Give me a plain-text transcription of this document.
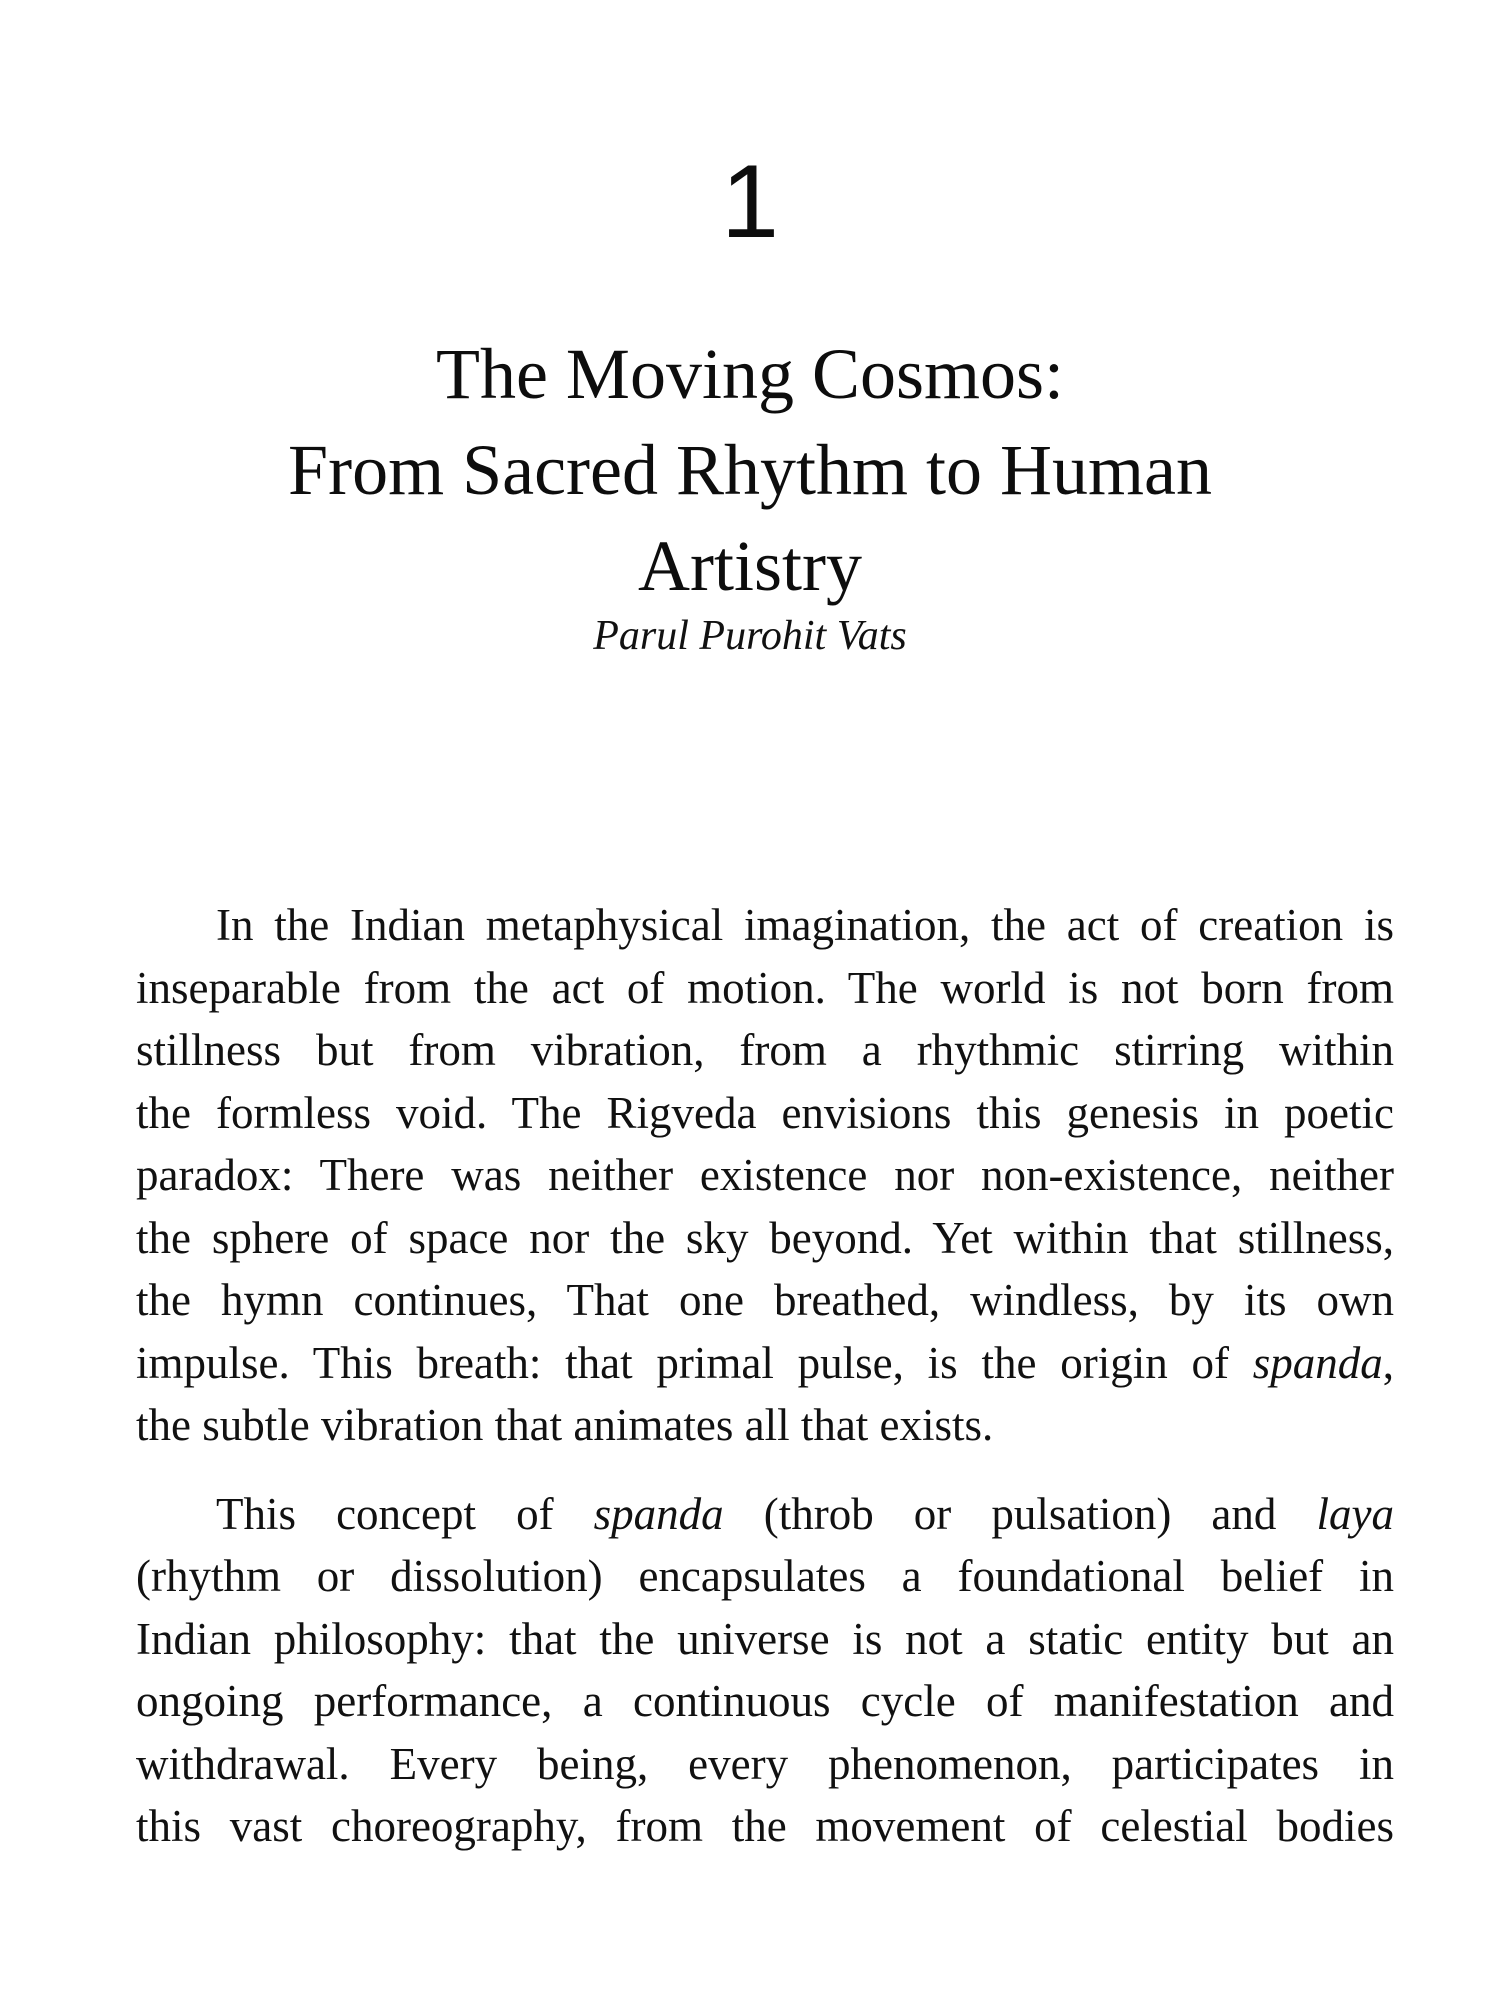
1
The Moving Cosmos:
From Sacred Rhythm to Human
Artistry
Parul Purohit Vats

In the Indian metaphysical imagination, the act of creation is
inseparable from the act of motion. The world is not born from
stillness but from vibration, from a rhythmic stirring within
the formless void. The Rigveda envisions this genesis in poetic
paradox: There was neither existence nor non-existence, neither
the sphere of space nor the sky beyond. Yet within that stillness,
the hymn continues, That one breathed, windless, by its own
impulse. This breath: that primal pulse, is the origin of spanda,
the subtle vibration that animates all that exists.

This concept of spanda (throb or pulsation) and laya
(rhythm or dissolution) encapsulates a foundational belief in
Indian philosophy: that the universe is not a static entity but an
ongoing performance, a continuous cycle of manifestation and
withdrawal. Every being, every phenomenon, participates in
this vast choreography, from the movement of celestial bodies
